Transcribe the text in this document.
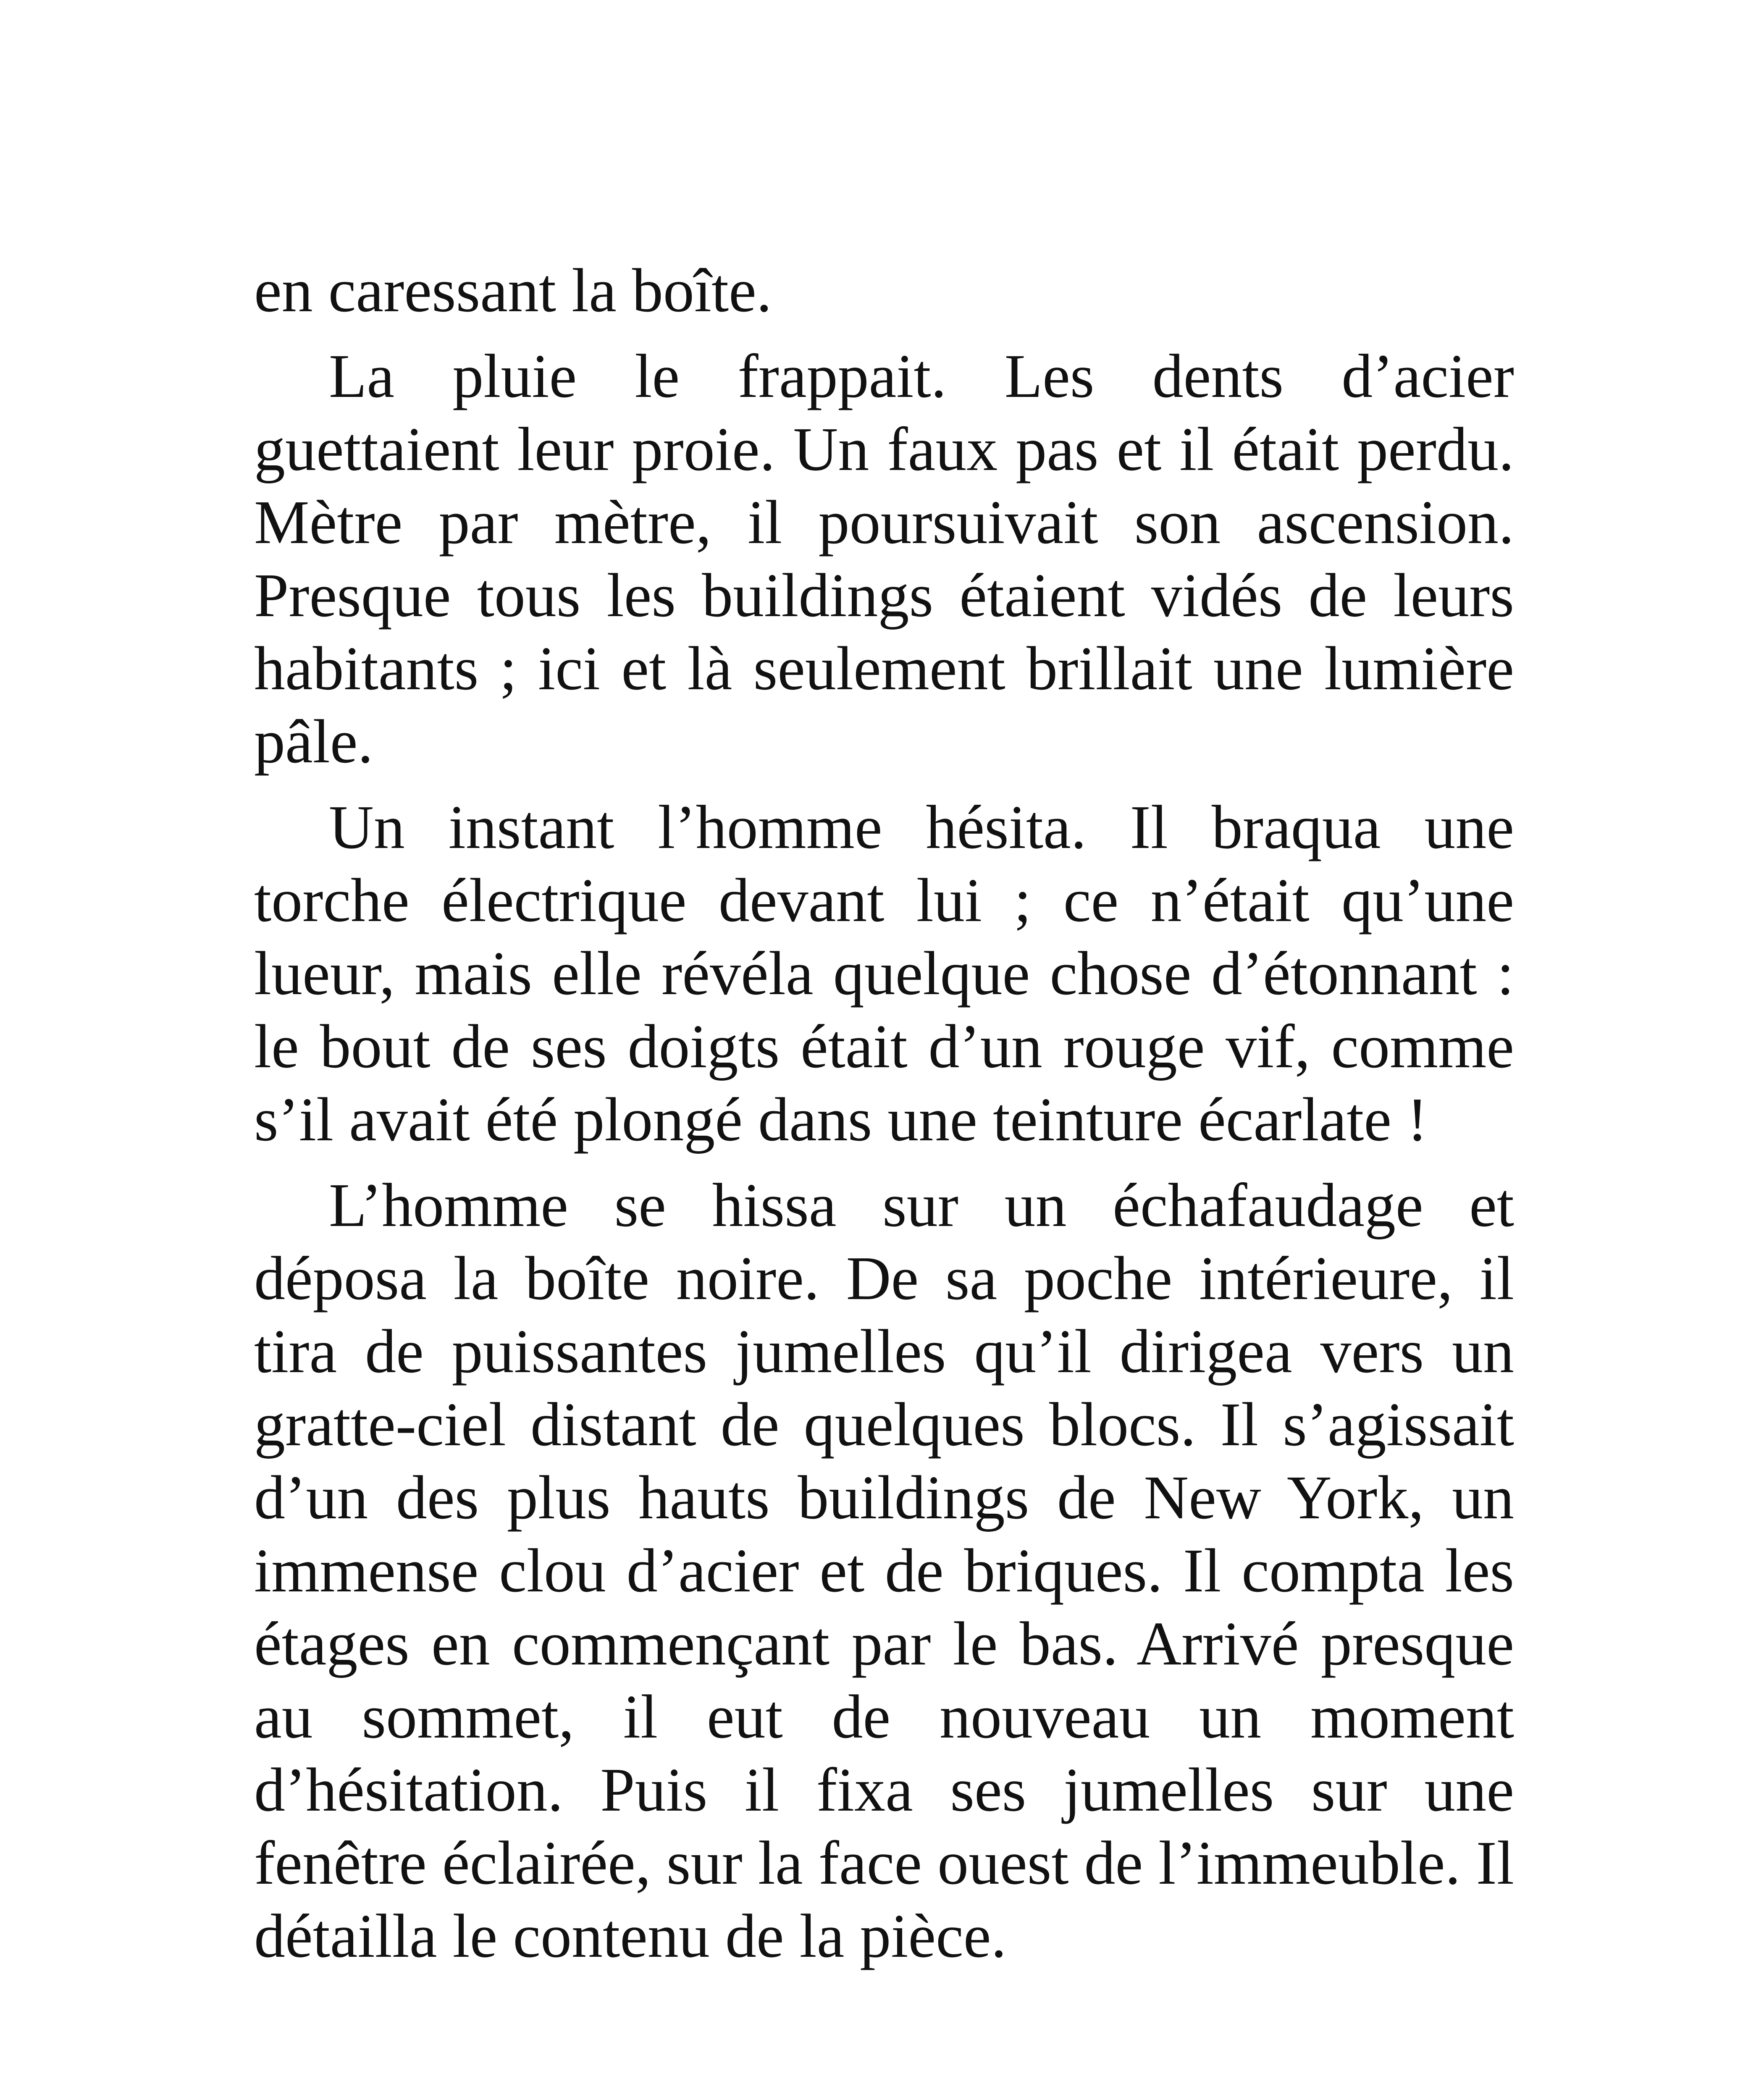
en caressant la boîte.

La pluie le frappait. Les dents d’acier guettaient leur proie. Un faux pas et il était perdu. Mètre par mètre, il poursuivait son ascension. Presque tous les buildings étaient vidés de leurs habitants ; ici et là seulement brillait une lumière pâle.

Un instant l’homme hésita. Il braqua une torche électrique devant lui ; ce n’était qu’une lueur, mais elle révéla quelque chose d’étonnant : le bout de ses doigts était d’un rouge vif, comme s’il avait été plongé dans une teinture écarlate !

L’homme se hissa sur un échafaudage et déposa la boîte noire. De sa poche intérieure, il tira de puissantes jumelles qu’il dirigea vers un gratte-ciel distant de quelques blocs. Il s’agissait d’un des plus hauts buildings de New York, un immense clou d’acier et de briques. Il compta les étages en commençant par le bas. Arrivé presque au sommet, il eut de nouveau un moment d’hésitation. Puis il fixa ses jumelles sur une fenêtre éclairée, sur la face ouest de l’immeuble. Il détailla le contenu de la pièce.
